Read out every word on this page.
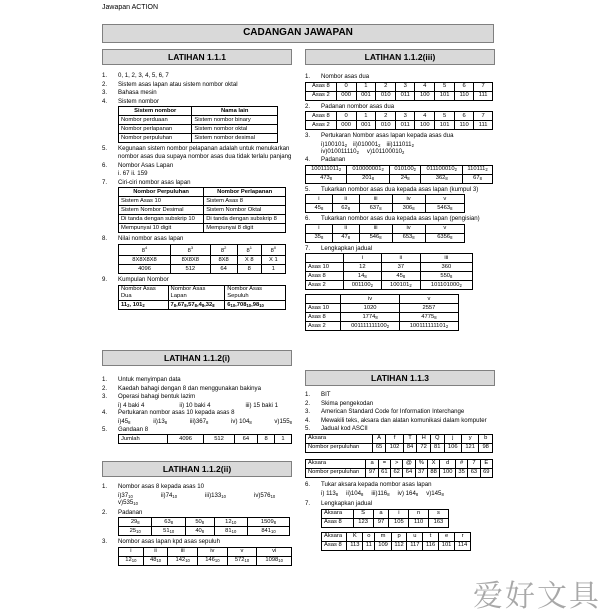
Jawapan ACTION
CADANGAN JAWAPAN
LATIHAN 1.1.1
1.	0, 1, 2, 3, 4, 5, 6, 7
2.	Sistem asas lapan atau sistem nombor oktal
3.	Bahasa mesin
4.	Sistem nombor
Sistem nombor	Nama lain
Nombor perduaan	Sistem nombor binary
Nombor perlapanan	Sistem nombor oktal
Nombor perpuluhan	Sistem nombor desimal
5.	Kegunaan sistem nombor pelapanan adalah untuk menukarkan nombor asas dua supaya nombor asas dua tidak terlalu panjang
6.	Nombor Asas Lapan
i. 67 ii. 159
7.	Ciri-ciri nombor asas lapan
Nombor Perpuluhan	Nombor Perlapanan
Sistem Asas 10	Sistem Asas 8
Sistem Nombor Desimal	Sistem Nombor Oktal
Di tanda dengan subskrip 10	Di tanda dengan subskrip 8
Mempunyai 10 digit	Mempunyai 8 digit
8.	Nilai nombor asas lapan
$8^4$	$8^3$	$8^2$	$8^1$	$8^0$
8X8X8X8	8X8X8	8X8	X 8	X 1
4096	512	64	8	1
9.	Kumpulan Nombor
Nombor Asas Dua	Nombor Asas Lapan	Nombor Asas Sepuluh
$11_2$, $101_2$	$7_8,67_8,57_8,4_8,32_8$	$6_{10},708_{10},98_{10}$
LATIHAN 1.1.2(i)
1.	Untuk menyimpan data
2.	Kaedah bahagi dengan 8 dan menggunakan bakinya
3.	Operasi bahagi bentuk lazim
i) 4 baki 4	ii) 10 baki 4	iii) 15 baki 1
4.	Pertukaran nombor asas 10 kepada asas 8
$i)45_8$	$ii)13_8$	$iii)367_8$	iv) $104_8$	$v)155_8$
5.	Gandaan 8
Jumlah	4096	512	64	8	1
LATIHAN 1.1.2(ii)
1.	Nombor asas 8 kepada asas 10
$i)37_{10}$	$ii)74_{10}$	$iii)133_{10}$	$iv)576_{10}$
$v)535_{10}$
2.	Padanan
$29_8$	$63_8$	$50_8$	$12_{10}$	$1509_8$
$25_{10}$	$51_{10}$	$40_8$	$81_{10}$	$841_{10}$
3.	Nombor asas lapan kpd asas sepuluh
i	ii	iii	iv	v	vi
$12_{10}$	$48_{10}$	$142_{10}$	$146_{10}$	$572_{10}$	$1098_{10}$
LATIHAN 1.1.2(iii)
1.	Nombor asas dua
Asas 8	0	1	2	3	4	5	6	7
Asas 2	000	001	010	011	100	101	110	111
2.	Padanan nombor asas dua
Asas 8	0	1	2	3	4	5	6	7
Asas 2	000	001	010	011	100	101	110	111
3.	Pertukaran Nombor asas lapan kepada asas dua
$i)100101_2$ $ii)010001_2$ $iii)111011_2$
$iv)010011110_2$ $v)101100010_2$
4.	Padanan
$100111011_2$	$010000001_2$	$010100_2$	$011100010_2$	$110111_2$
$473_8$	$201_8$	$24_8$	$362_8$	$67_8$
5.	Tukarkan nombor asas dua kepada asas lapan (kumpul 3)
i	ii	iii	iv	v
$45_8$	$62_8$	$637_8$	$306_8$	$5463_8$
6.	Tukarkan nombor asas dua kepada asas lapan (pengisian)
i	ii	iii	iv	v
$35_8$	$47_8$	$546_8$	$653_8$	$6356_8$
7.	Lengkapkan jadual
	i	ii	iii
Asas 10	12	37	360
Asas 8	$14_8$	$45_8$	$550_8$
Asas 2	$001100_2$	$100101_2$	$101101000_2$
	iv	v
Asas 10	1020	2557
Asas 8	$1774_8$	$4775_8$
Asas 2	$001111111100_2$	$100111111101_2$
LATIHAN 1.1.3
1.	BIT
2.	Skima pengekodan
3.	American Standard Code for Information Interchange
4.	Mewakili teks, aksara dan alatan komunikasi dalam komputer
5.	Jadual kod ASCII
Aksara	A	f	T	H	Q	j	y	b
Nombor perpuluhan	65	102	84	72	81	106	121	98
Aksara	a	=	>	@	%	X	d	#	7	E
Nombor perpuluhan	97	61	62	64	37	88	100	35	63	69
6.	Tukar aksara kepada nombor asas lapan
i) $113_8$ $ii)104_8$ $iii)116_8$ iv) $164_8$ $v)145_8$
7.	Lengkapkan jadual
Aksara	S	a	i	n	s
Asas 8	123	97	105	110	163
Aksara	K	o	m	p	u	t	e	r
Asas 8	113	11	109	112	117	116	101	114
爱好文具
